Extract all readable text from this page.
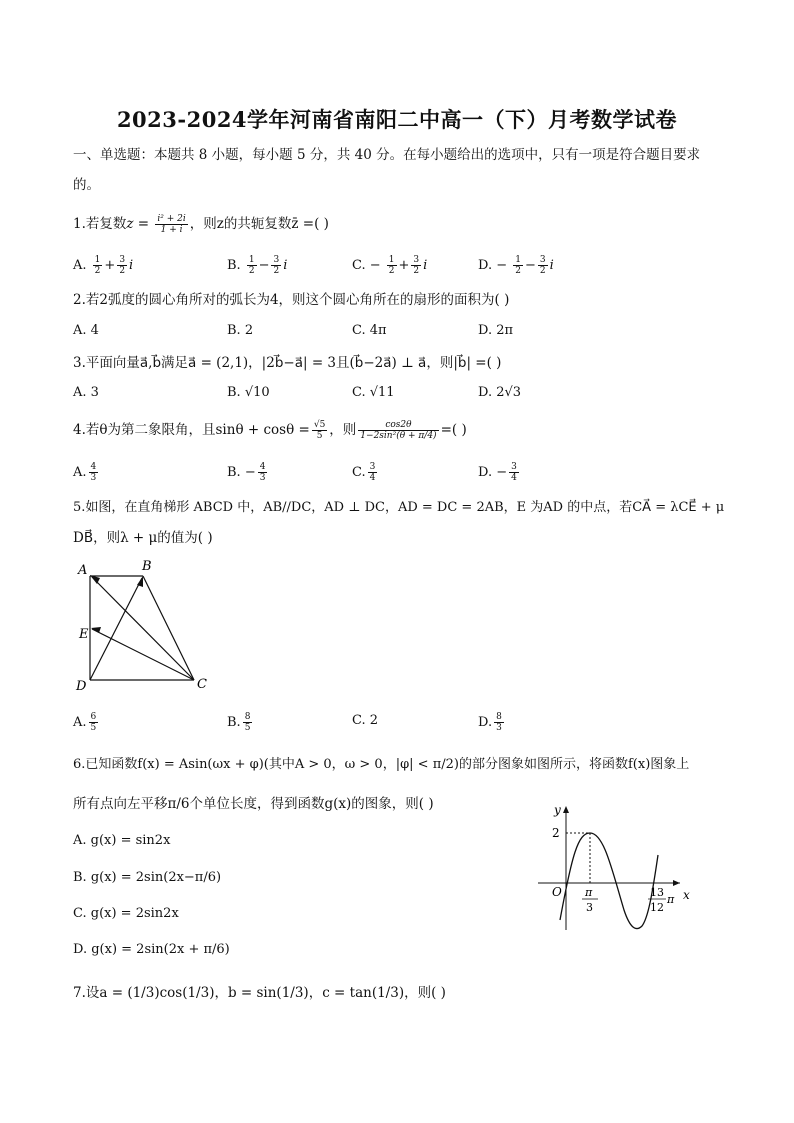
2023-2024学年河南省南阳二中高一（下）月考数学试卷
一、单选题：本题共 8 小题，每小题 5 分，共 40 分。在每小题给出的选项中，只有一项是符合题目要求
的。
1.若复数$z = \frac{\text{i² + 2i}}{1 + i}$ ，则z的共轭复数z̄ =( )
A. $\frac{1}{2} + \frac{3}{2}$ i	B. $\frac{1}{2} - \frac{3}{2}$ i	C. − $\frac{1}{2} + \frac{3}{2}$ i	D. − $\frac{1}{2} - \frac{3}{2}$ i
2.若2弧度的圆心角所对的弧长为4，则这个圆心角所在的扇形的面积为( )
A. 4	B. 2	C. 4π	D. 2π
3.平面向量a⃗,b⃗满足a⃗ = (2,1)，|2b⃗−a⃗| = 3且(b⃗−2a⃗) ⊥ a⃗，则|b⃗| =( )
A. 3	B. √10	C. √11	D. 2√3
4.若θ为第二象限角，且$\sin\theta + \cos\theta = \frac{√5}{5}$ ，则 $\frac{\cos 2\theta}{\text{1−2sin²(θ + π/4)}}$ =( )
A. $\frac{4}{3}$	B. − $\frac{4}{3}$	C. $\frac{3}{4}$	D. − $\frac{3}{4}$
5.如图，在直角梯形 ABCD 中，AB//DC，AD ⊥ DC，AD = DC = 2AB，E 为AD 的中点，若CA⃗ = λCE⃗ + μ
DB⃗，则λ + μ的值为( )
A	B
E
D	C
A. $\frac{6}{5}$	B. $\frac{8}{5}$	C. 2	D. $\frac{8}{3}$
6.已知函数f(x) = Asin(ωx + φ)(其中A > 0，ω > 0，|φ| < π/2)的部分图象如图所示，将函数f(x)图象上
所有点向左平移π/6个单位长度，得到函数g(x)的图象，则( )
A. g(x) = sin2x
B. g(x) = 2sin(2x−π/6)
C. g(x) = 2sin2x
D. g(x) = 2sin(2x + π/6)
y
x
O
2
π
3
13
12
π
7.设a = (1/3)cos(1/3)，b = sin(1/3)，c = tan(1/3)，则( )
